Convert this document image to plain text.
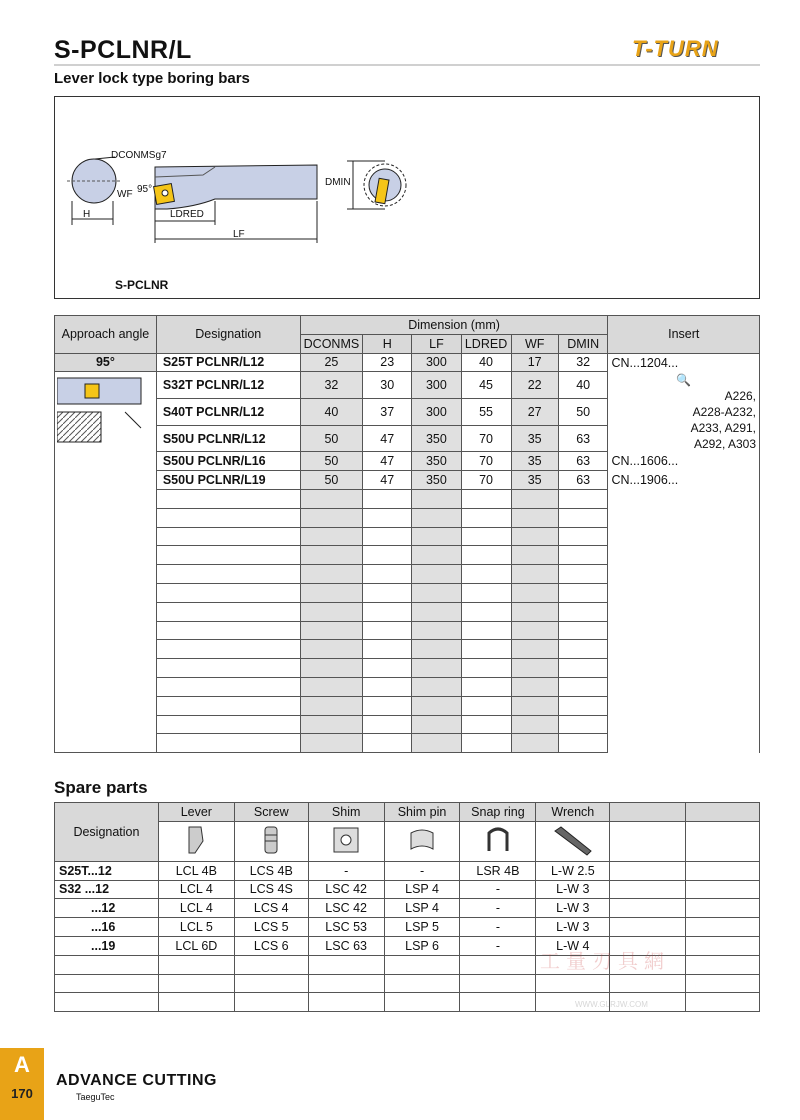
S-PCLNR/L	T-TURN
Lever lock type boring bars
DCONMSg7
WF 95°
H	LDRED
LF
DMIN
S-PCLNR
Approach angle	Designation	Dimension (mm)						Insert
		DCONMS	H	LF	LDRED	WF	DMIN	
95°	S25T PCLNR/L12	25	23	300	40	17	32	CN...1204...
	S32T PCLNR/L12	32	30	300	45	22	40	🔍
A226,
A228-A232,
A233, A291,
A292, A303

	S40T PCLNR/L12	40	37	300	55	27	50	
	S50U PCLNR/L12	50	47	350	70	35	63	
	S50U PCLNR/L16	50	47	350	70	35	63	CN...1606...
	S50U PCLNR/L19	50	47	350	70	35	63	CN...1906...

Spare parts
Designation	Lever	Screw	Shim	Shim pin	Snap ring	Wrench		

S25T...12	LCL 4B	LCS 4B	-	-	LSR 4B	L-W 2.5		
S32 ...12	LCL 4	LCS 4S	LSC 42	LSP 4	-	L-W 3		
...12	LCL 4	LCS 4	LSC 42	LSP 4	-	L-W 3		
...16	LCL 5	LCS 5	LSC 53	LSP 5	-	L-W 3		
...19	LCL 6D	LCS 6	LSC 63	LSP 6	-	L-W 4		

工量刃具網
WWW.GLRJW.COM
A
170
ADVANCE CUTTING
TaeguTec
